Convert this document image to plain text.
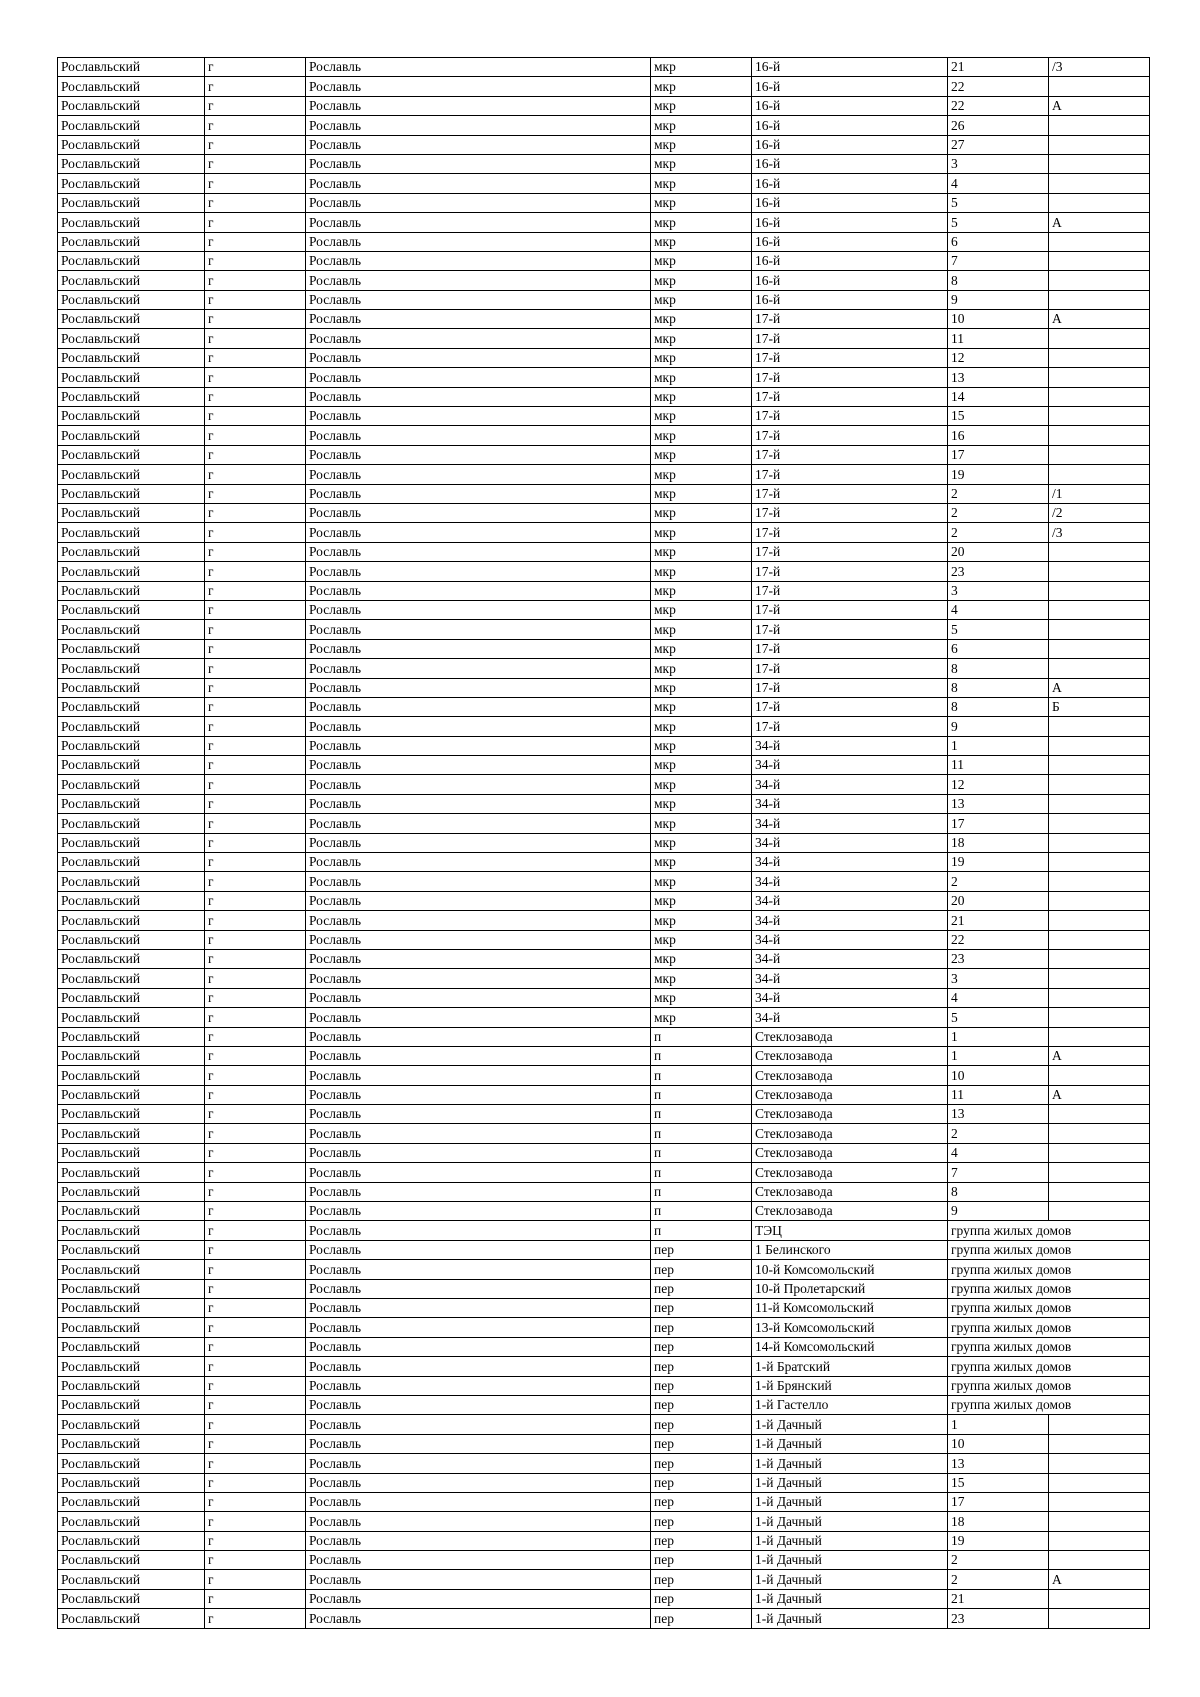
Рославльский	г	Рославль	мкр	16-й	21	/3
Рославльский	г	Рославль	мкр	16-й	22	
Рославльский	г	Рославль	мкр	16-й	22	А
Рославльский	г	Рославль	мкр	16-й	26	
Рославльский	г	Рославль	мкр	16-й	27	
Рославльский	г	Рославль	мкр	16-й	3	
Рославльский	г	Рославль	мкр	16-й	4	
Рославльский	г	Рославль	мкр	16-й	5	
Рославльский	г	Рославль	мкр	16-й	5	А
Рославльский	г	Рославль	мкр	16-й	6	
Рославльский	г	Рославль	мкр	16-й	7	
Рославльский	г	Рославль	мкр	16-й	8	
Рославльский	г	Рославль	мкр	16-й	9	
Рославльский	г	Рославль	мкр	17-й	10	А
Рославльский	г	Рославль	мкр	17-й	11	
Рославльский	г	Рославль	мкр	17-й	12	
Рославльский	г	Рославль	мкр	17-й	13	
Рославльский	г	Рославль	мкр	17-й	14	
Рославльский	г	Рославль	мкр	17-й	15	
Рославльский	г	Рославль	мкр	17-й	16	
Рославльский	г	Рославль	мкр	17-й	17	
Рославльский	г	Рославль	мкр	17-й	19	
Рославльский	г	Рославль	мкр	17-й	2	/1
Рославльский	г	Рославль	мкр	17-й	2	/2
Рославльский	г	Рославль	мкр	17-й	2	/3
Рославльский	г	Рославль	мкр	17-й	20	
Рославльский	г	Рославль	мкр	17-й	23	
Рославльский	г	Рославль	мкр	17-й	3	
Рославльский	г	Рославль	мкр	17-й	4	
Рославльский	г	Рославль	мкр	17-й	5	
Рославльский	г	Рославль	мкр	17-й	6	
Рославльский	г	Рославль	мкр	17-й	8	
Рославльский	г	Рославль	мкр	17-й	8	А
Рославльский	г	Рославль	мкр	17-й	8	Б
Рославльский	г	Рославль	мкр	17-й	9	
Рославльский	г	Рославль	мкр	34-й	1	
Рославльский	г	Рославль	мкр	34-й	11	
Рославльский	г	Рославль	мкр	34-й	12	
Рославльский	г	Рославль	мкр	34-й	13	
Рославльский	г	Рославль	мкр	34-й	17	
Рославльский	г	Рославль	мкр	34-й	18	
Рославльский	г	Рославль	мкр	34-й	19	
Рославльский	г	Рославль	мкр	34-й	2	
Рославльский	г	Рославль	мкр	34-й	20	
Рославльский	г	Рославль	мкр	34-й	21	
Рославльский	г	Рославль	мкр	34-й	22	
Рославльский	г	Рославль	мкр	34-й	23	
Рославльский	г	Рославль	мкр	34-й	3	
Рославльский	г	Рославль	мкр	34-й	4	
Рославльский	г	Рославль	мкр	34-й	5	
Рославльский	г	Рославль	п	Стеклозавода	1	
Рославльский	г	Рославль	п	Стеклозавода	1	А
Рославльский	г	Рославль	п	Стеклозавода	10	
Рославльский	г	Рославль	п	Стеклозавода	11	А
Рославльский	г	Рославль	п	Стеклозавода	13	
Рославльский	г	Рославль	п	Стеклозавода	2	
Рославльский	г	Рославль	п	Стеклозавода	4	
Рославльский	г	Рославль	п	Стеклозавода	7	
Рославльский	г	Рославль	п	Стеклозавода	8	
Рославльский	г	Рославль	п	Стеклозавода	9	
Рославльский	г	Рославль	п	ТЭЦ	группа жилых домов	
Рославльский	г	Рославль	пер	1 Белинского	группа жилых домов	
Рославльский	г	Рославль	пер	10-й Комсомольский	группа жилых домов	
Рославльский	г	Рославль	пер	10-й Пролетарский	группа жилых домов	
Рославльский	г	Рославль	пер	11-й Комсомольский	группа жилых домов	
Рославльский	г	Рославль	пер	13-й Комсомольский	группа жилых домов	
Рославльский	г	Рославль	пер	14-й Комсомольский	группа жилых домов	
Рославльский	г	Рославль	пер	1-й Братский	группа жилых домов	
Рославльский	г	Рославль	пер	1-й Брянский	группа жилых домов	
Рославльский	г	Рославль	пер	1-й Гастелло	группа жилых домов	
Рославльский	г	Рославль	пер	1-й Дачный	1	
Рославльский	г	Рославль	пер	1-й Дачный	10	
Рославльский	г	Рославль	пер	1-й Дачный	13	
Рославльский	г	Рославль	пер	1-й Дачный	15	
Рославльский	г	Рославль	пер	1-й Дачный	17	
Рославльский	г	Рославль	пер	1-й Дачный	18	
Рославльский	г	Рославль	пер	1-й Дачный	19	
Рославльский	г	Рославль	пер	1-й Дачный	2	
Рославльский	г	Рославль	пер	1-й Дачный	2	А
Рославльский	г	Рославль	пер	1-й Дачный	21	
Рославльский	г	Рославль	пер	1-й Дачный	23	
